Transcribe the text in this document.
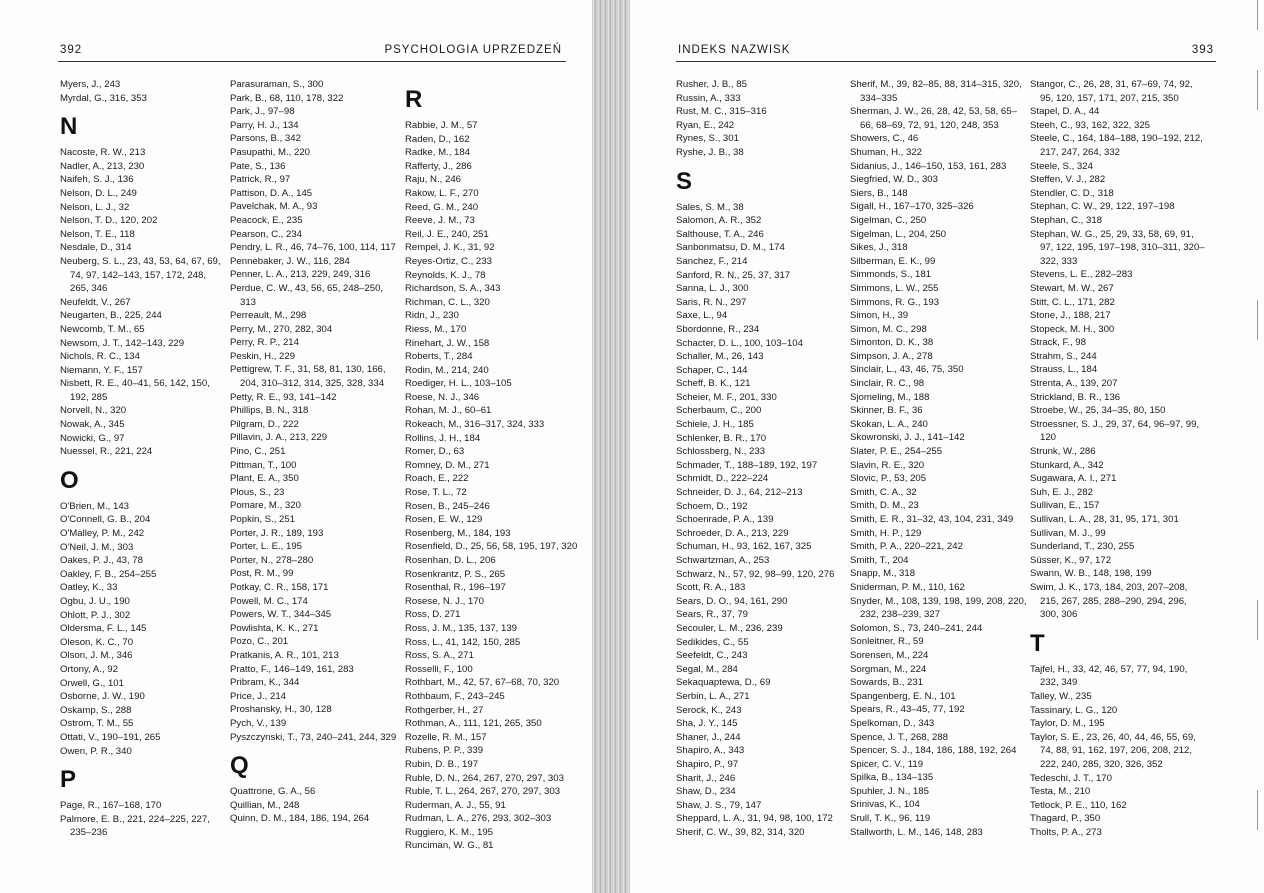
392	PSYCHOLOGIA UPRZEDZEŃ
Myers, J., 243
Myrdal, G., 316, 353
N
Nacoste, R. W., 213
Nadler, A., 213, 230
Naifeh, S. J., 136
Nelson, D. L., 249
Nelson, L. J., 32
Nelson, T. D., 120, 202
Nelson, T. E., 118
Nesdale, D., 314
Neuberg, S. L., 23, 43, 53, 64, 67, 69, 74, 97, 142–143, 157, 172, 248, 265, 346
Neufeldt, V., 267
Neugarten, B., 225, 244
Newcomb, T. M., 65
Newsom, J. T., 142–143, 229
Nichols, R. C., 134
Niemann, Y. F., 157
Nisbett, R. E., 40–41, 56, 142, 150, 192, 285
Norvell, N., 320
Nowak, A., 345
Nowicki, G., 97
Nuessel, R., 221, 224
O
O'Brien, M., 143
O'Connell, G. B., 204
O'Malley, P. M., 242
O'Neil, J. M., 303
Oakes, P. J., 43, 78
Oakley, F. B., 254–255
Oatley, K., 33
Ogbu, J. U., 190
Ohlott, P. J., 302
Oldersma, F. L., 145
Oleson, K. C., 70
Olson, J. M., 346
Ortony, A., 92
Orwell, G., 101
Osborne, J. W., 190
Oskamp, S., 288
Ostrom, T. M., 55
Ottati, V., 190–191, 265
Owen, P. R., 340
P
Page, R., 167–168, 170
Palmore, E. B., 221, 224–225, 227, 235–236
Parasuraman, S., 300
Park, B., 68, 110, 178, 322
Park, J., 97–98
Parry, H. J., 134
Parsons, B., 342
Pasupathi, M., 220
Pate, S., 136
Patrick, R., 97
Pattison, D. A., 145
Pavelchak, M. A., 93
Peacock, E., 235
Pearson, C., 234
Pendry, L. R., 46, 74–76, 100, 114, 117
Pennebaker, J. W., 116, 284
Penner, L. A., 213, 229, 249, 316
Perdue, C. W., 43, 56, 65, 248–250, 313
Perreault, M., 298
Perry, M., 270, 282, 304
Perry, R. P., 214
Peskin, H., 229
Pettigrew, T. F., 31, 58, 81, 130, 166, 204, 310–312, 314, 325, 328, 334
Petty, R. E., 93, 141–142
Phillips, B. N., 318
Pilgram, D., 222
Pillavin, J. A., 213, 229
Pino, C., 251
Pittman, T., 100
Plant, E. A., 350
Plous, S., 23
Pomare, M., 320
Popkin, S., 251
Porter, J. R., 189, 193
Porter, L. E., 195
Porter, N., 278–280
Post, R. M., 99
Potkay, C. R., 158, 171
Powell, M. C., 174
Powers, W. T., 344–345
Powlishta, K. K., 271
Pozo, C., 201
Pratkanis, A. R., 101, 213
Pratto, F., 146–149, 161, 283
Pribram, K., 344
Price, J., 214
Proshansky, H., 30, 128
Pych, V., 139
Pyszczynski, T., 73, 240–241, 244, 329
Q
Quattrone, G. A., 56
Quillian, M., 248
Quinn, D. M., 184, 186, 194, 264
R
Rabbie, J. M., 57
Raden, D., 162
Radke, M., 184
Rafferty, J., 286
Raju, N., 246
Rakow, L. F., 270
Reed, G. M., 240
Reeve, J. M., 73
Reil, J. E., 240, 251
Rempel, J. K., 31, 92
Reyes-Ortiz, C., 233
Reynolds, K. J., 78
Richardson, S. A., 343
Richman, C. L., 320
Ridn, J., 230
Riess, M., 170
Rinehart, J. W., 158
Roberts, T., 284
Rodin, M., 214, 240
Roediger, H. L., 103–105
Roese, N. J., 346
Rohan, M. J., 60–61
Rokeach, M., 316–317, 324, 333
Rollins, J. H., 184
Romer, D., 63
Romney, D. M., 271
Roach, E., 222
Rose, T. L., 72
Rosen, B., 245–246
Rosen, E. W., 129
Rosenberg, M., 184, 193
Rosenfield, D., 25, 56, 58, 195, 197, 320
Rosenhan, D. L., 206
Rosenkrantz, P. S., 265
Rosenthal, R., 196–197
Rosese, N. J., 170
Ross, D. 271
Ross, J. M., 135, 137, 139
Ross, L., 41, 142, 150, 285
Ross, S. A., 271
Rosselli, F., 100
Rothbart, M., 42, 57, 67–68, 70, 320
Rothbaum, F., 243–245
Rothgerber, H., 27
Rothman, A., 111, 121, 265, 350
Rozelle, R. M., 157
Rubens, P. P., 339
Rubin, D. B., 197
Ruble, D. N., 264, 267, 270, 297, 303
Ruble, T. L., 264, 267, 270, 297, 303
Ruderman, A. J., 55, 91
Rudman, L. A., 276, 293, 302–303
Ruggiero, K. M., 195
Runciman, W. G., 81
INDEKS NAZWISK	393
Rusher, J. B., 85
Russin, A., 333
Rust, M. C., 315–316
Ryan, E., 242
Rynes, S., 301
Ryshe, J. B., 38
S
Sales, S. M., 38
Salomon, A. R., 352
Salthouse, T. A., 246
Sanbonmatsu, D. M., 174
Sanchez, F., 214
Sanford, R. N., 25, 37, 317
Sanna, L. J., 300
Saris, R. N., 297
Saxe, L., 94
Sbordonne, R., 234
Schacter, D. L., 100, 103–104
Schaller, M., 26, 143
Schaper, C., 144
Scheff, B. K., 121
Scheier, M. F., 201, 330
Scherbaum, C., 200
Schiele, J. H., 185
Schlenker, B. R., 170
Schlossberg, N., 233
Schmader, T., 188–189, 192, 197
Schmidt, D., 222–224
Schneider, D. J., 64, 212–213
Schoem, D., 192
Schoenrade, P. A., 139
Schroeder, D. A., 213, 229
Schuman, H., 93, 162, 167, 325
Schwartzman, A., 253
Schwarz, N., 57, 92, 98–99, 120, 276
Scott, R. A., 183
Sears, D. O., 94, 161, 290
Sears, R., 37, 79
Secouler, L. M., 236, 239
Sedikides, C., 55
Seefeldt, C., 243
Segal, M., 284
Sekaquaptewa, D., 69
Serbin, L. A., 271
Serock, K., 243
Sha, J. Y., 145
Shaner, J., 244
Shapiro, A., 343
Shapiro, P., 97
Sharit, J., 246
Shaw, D., 234
Shaw, J. S., 79, 147
Sheppard, L. A., 31, 94, 98, 100, 172
Sherif, C. W., 39, 82, 314, 320
Sherif, M., 39, 82–85, 88, 314–315, 320, 334–335
Sherman, J. W., 26, 28, 42, 53, 58, 65–66, 68–69, 72, 91, 120, 248, 353
Showers, C., 46
Shuman, H., 322
Sidanius, J., 146–150, 153, 161, 283
Siegfried, W. D., 303
Siers, B., 148
Sigall, H., 167–170, 325–326
Sigelman, C., 250
Sigelman, L., 204, 250
Sikes, J., 318
Silberman, E. K., 99
Simmonds, S., 181
Simmons, L. W., 255
Simmons, R. G., 193
Simon, H., 39
Simon, M. C., 298
Simonton, D. K., 38
Simpson, J. A., 278
Sinclair, L., 43, 46, 75, 350
Sinclair, R. C., 98
Sjomeling, M., 188
Skinner, B. F., 36
Skokan, L. A., 240
Skowronski, J. J., 141–142
Slater, P. E., 254–255
Slavin, R. E., 320
Slovic, P., 53, 205
Smith, C. A., 32
Smith, D. M., 23
Smith, E. R., 31–32, 43, 104, 231, 349
Smith, H. P., 129
Smith, P. A., 220–221, 242
Smith, T., 204
Snapp, M., 318
Sniderman, P. M., 110, 162
Snyder, M., 108, 139, 198, 199, 208, 220, 232, 238–239, 327
Solomon, S., 73, 240–241, 244
Sonleitner, R., 59
Sorensen, M., 224
Sorgman, M., 224
Sowards, B., 231
Spangenberg, E. N., 101
Spears, R., 43–45, 77, 192
Spelkoman, D., 343
Spence, J. T., 268, 288
Spencer, S. J., 184, 186, 188, 192, 264
Spicer, C. V., 119
Spilka, B., 134–135
Spuhler, J. N., 185
Srinivas, K., 104
Srull, T. K., 96, 119
Stallworth, L. M., 146, 148, 283
Stangor, C., 26, 28, 31, 67–69, 74, 92, 95, 120, 157, 171, 207, 215, 350
Stapel, D. A., 44
Steeh, C., 93, 162, 322, 325
Steele, C., 164, 184–188, 190–192, 212, 217, 247, 264, 332
Steele, S., 324
Steffen, V. J., 282
Stendler, C. D., 318
Stephan, C. W., 29, 122, 197–198
Stephan, C., 318
Stephan, W. G., 25, 29, 33, 58, 69, 91, 97, 122, 195, 197–198, 310–311, 320–322, 333
Stevens, L. E., 282–283
Stewart, M. W., 267
Stitt, C. L., 171, 282
Stone, J., 188, 217
Stopeck, M. H., 300
Strack, F., 98
Strahm, S., 244
Strauss, L., 184
Strenta, A., 139, 207
Strickland, B. R., 136
Stroebe, W., 25, 34–35, 80, 150
Stroessner, S. J., 29, 37, 64, 96–97, 99, 120
Strunk, W., 286
Stunkard, A., 342
Sugawara, A. I., 271
Suh, E. J., 282
Sullivan, E., 157
Sullivan, L. A., 28, 31, 95, 171, 301
Sullivan, M. J., 99
Sunderland, T., 230, 255
Süsser, K., 97, 172
Swann, W. B., 148, 198, 199
Swim, J. K., 173, 184, 203, 207–208, 215, 267, 285, 288–290, 294, 296, 300, 306
T
Tajfel, H., 33, 42, 46, 57, 77, 94, 190, 232, 349
Talley, W., 235
Tassinary, L. G., 120
Taylor, D. M., 195
Taylor, S. E., 23, 26, 40, 44, 46, 55, 69, 74, 88, 91, 162, 197, 206, 208, 212, 222, 240, 285, 320, 326, 352
Tedeschi, J. T., 170
Testa, M., 210
Tetlock, P. E., 110, 162
Thagard, P., 350
Tholts, P. A., 273
